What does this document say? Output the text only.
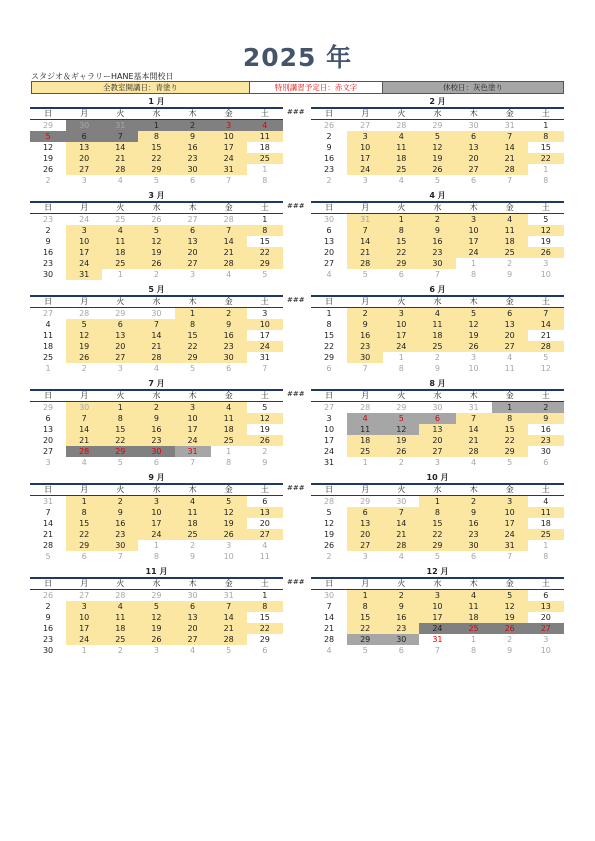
2025 年
スタジオ＆ギャラリーHANE基本開校日
全教室開講日：青塗り	特別講習予定日：赤文字	休校日：灰色塗り
1 月
日	月	火	水	木	金	土
29	30	31	1	2	3	4
5	6	7	8	9	10	11
12	13	14	15	16	17	18
19	20	21	22	23	24	25
26	27	28	29	30	31	1
2	3	4	5	6	7	8
###
2 月
日	月	火	水	木	金	土
26	27	28	29	30	31	1
2	3	4	5	6	7	8
9	10	11	12	13	14	15
16	17	18	19	20	21	22
23	24	25	26	27	28	1
2	3	4	5	6	7	8
3 月
日	月	火	水	木	金	土
23	24	25	26	27	28	1
2	3	4	5	6	7	8
9	10	11	12	13	14	15
16	17	18	19	20	21	22
23	24	25	26	27	28	29
30	31	1	2	3	4	5
###
4 月
日	月	火	水	木	金	土
30	31	1	2	3	4	5
6	7	8	9	10	11	12
13	14	15	16	17	18	19
20	21	22	23	24	25	26
27	28	29	30	1	2	3
4	5	6	7	8	9	10
5 月
日	月	火	水	木	金	土
27	28	29	30	1	2	3
4	5	6	7	8	9	10
11	12	13	14	15	16	17
18	19	20	21	22	23	24
25	26	27	28	29	30	31
1	2	3	4	5	6	7
###
6 月
日	月	火	水	木	金	土
1	2	3	4	5	6	7
8	9	10	11	12	13	14
15	16	17	18	19	20	21
22	23	24	25	26	27	28
29	30	1	2	3	4	5
6	7	8	9	10	11	12
7 月
日	月	火	水	木	金	土
29	30	1	2	3	4	5
6	7	8	9	10	11	12
13	14	15	16	17	18	19
20	21	22	23	24	25	26
27	28	29	30	31	1	2
3	4	5	6	7	8	9
###
8 月
日	月	火	水	木	金	土
27	28	29	30	31	1	2
3	4	5	6	7	8	9
10	11	12	13	14	15	16
17	18	19	20	21	22	23
24	25	26	27	28	29	30
31	1	2	3	4	5	6
9 月
日	月	火	水	木	金	土
31	1	2	3	4	5	6
7	8	9	10	11	12	13
14	15	16	17	18	19	20
21	22	23	24	25	26	27
28	29	30	1	2	3	4
5	6	7	8	9	10	11
###
10 月
日	月	火	水	木	金	土
28	29	30	1	2	3	4
5	6	7	8	9	10	11
12	13	14	15	16	17	18
19	20	21	22	23	24	25
26	27	28	29	30	31	1
2	3	4	5	6	7	8
11 月
日	月	火	水	木	金	土
26	27	28	29	30	31	1
2	3	4	5	6	7	8
9	10	11	12	13	14	15
16	17	18	19	20	21	22
23	24	25	26	27	28	29
30	1	2	3	4	5	6
###
12 月
日	月	火	水	木	金	土
30	1	2	3	4	5	6
7	8	9	10	11	12	13
14	15	16	17	18	19	20
21	22	23	24	25	26	27
28	29	30	31	1	2	3
4	5	6	7	8	9	10
